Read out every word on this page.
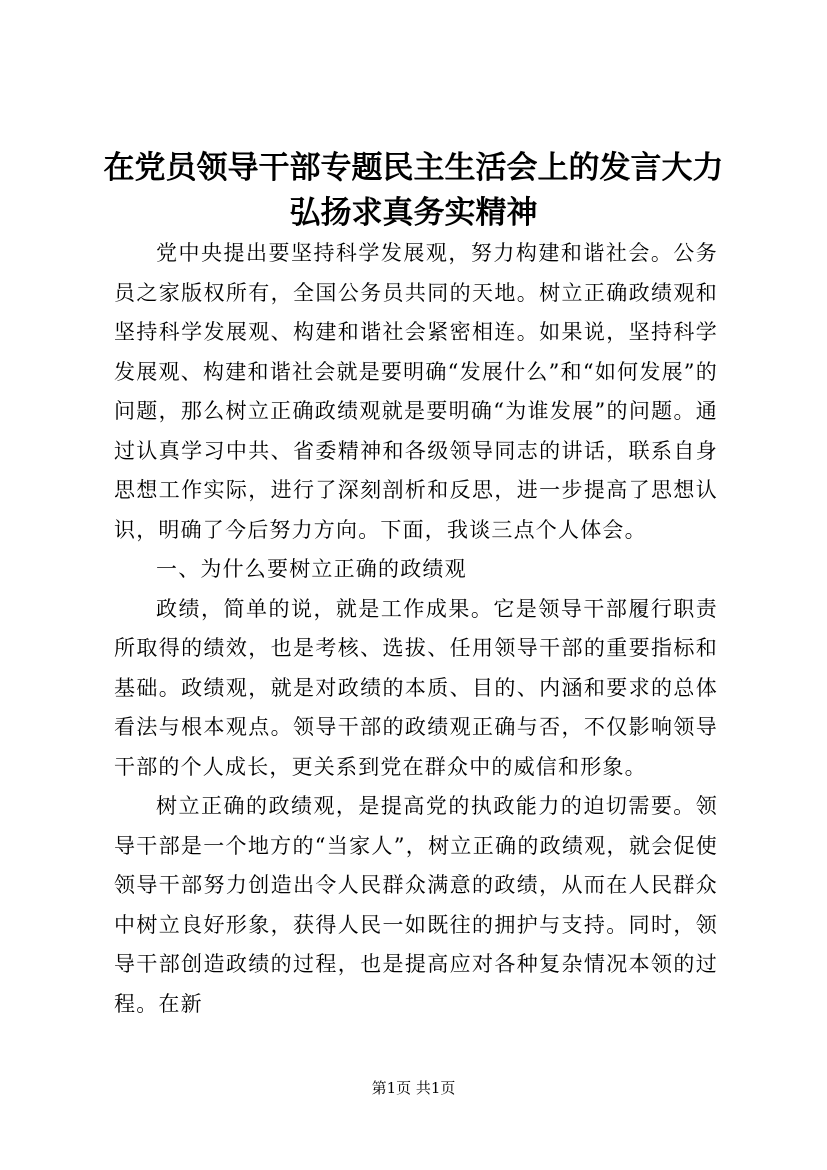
在党员领导干部专题民主生活会上的发言大力弘扬求真务实精神

党中央提出要坚持科学发展观，努力构建和谐社会。公务员之家版权所有，全国公务员共同的天地。树立正确政绩观和坚持科学发展观、构建和谐社会紧密相连。如果说，坚持科学发展观、构建和谐社会就是要明确“发展什么”和“如何发展”的问题，那么树立正确政绩观就是要明确“为谁发展”的问题。通过认真学习中共、省委精神和各级领导同志的讲话，联系自身思想工作实际，进行了深刻剖析和反思，进一步提高了思想认识，明确了今后努力方向。下面，我谈三点个人体会。

一、为什么要树立正确的政绩观

政绩，简单的说，就是工作成果。它是领导干部履行职责所取得的绩效，也是考核、选拔、任用领导干部的重要指标和基础。政绩观，就是对政绩的本质、目的、内涵和要求的总体看法与根本观点。领导干部的政绩观正确与否，不仅影响领导干部的个人成长，更关系到党在群众中的威信和形象。

树立正确的政绩观，是提高党的执政能力的迫切需要。领导干部是一个地方的“当家人”，树立正确的政绩观，就会促使领导干部努力创造出令人民群众满意的政绩，从而在人民群众中树立良好形象，获得人民一如既往的拥护与支持。同时，领导干部创造政绩的过程，也是提高应对各种复杂情况本领的过程。在新

第1页 共1页
